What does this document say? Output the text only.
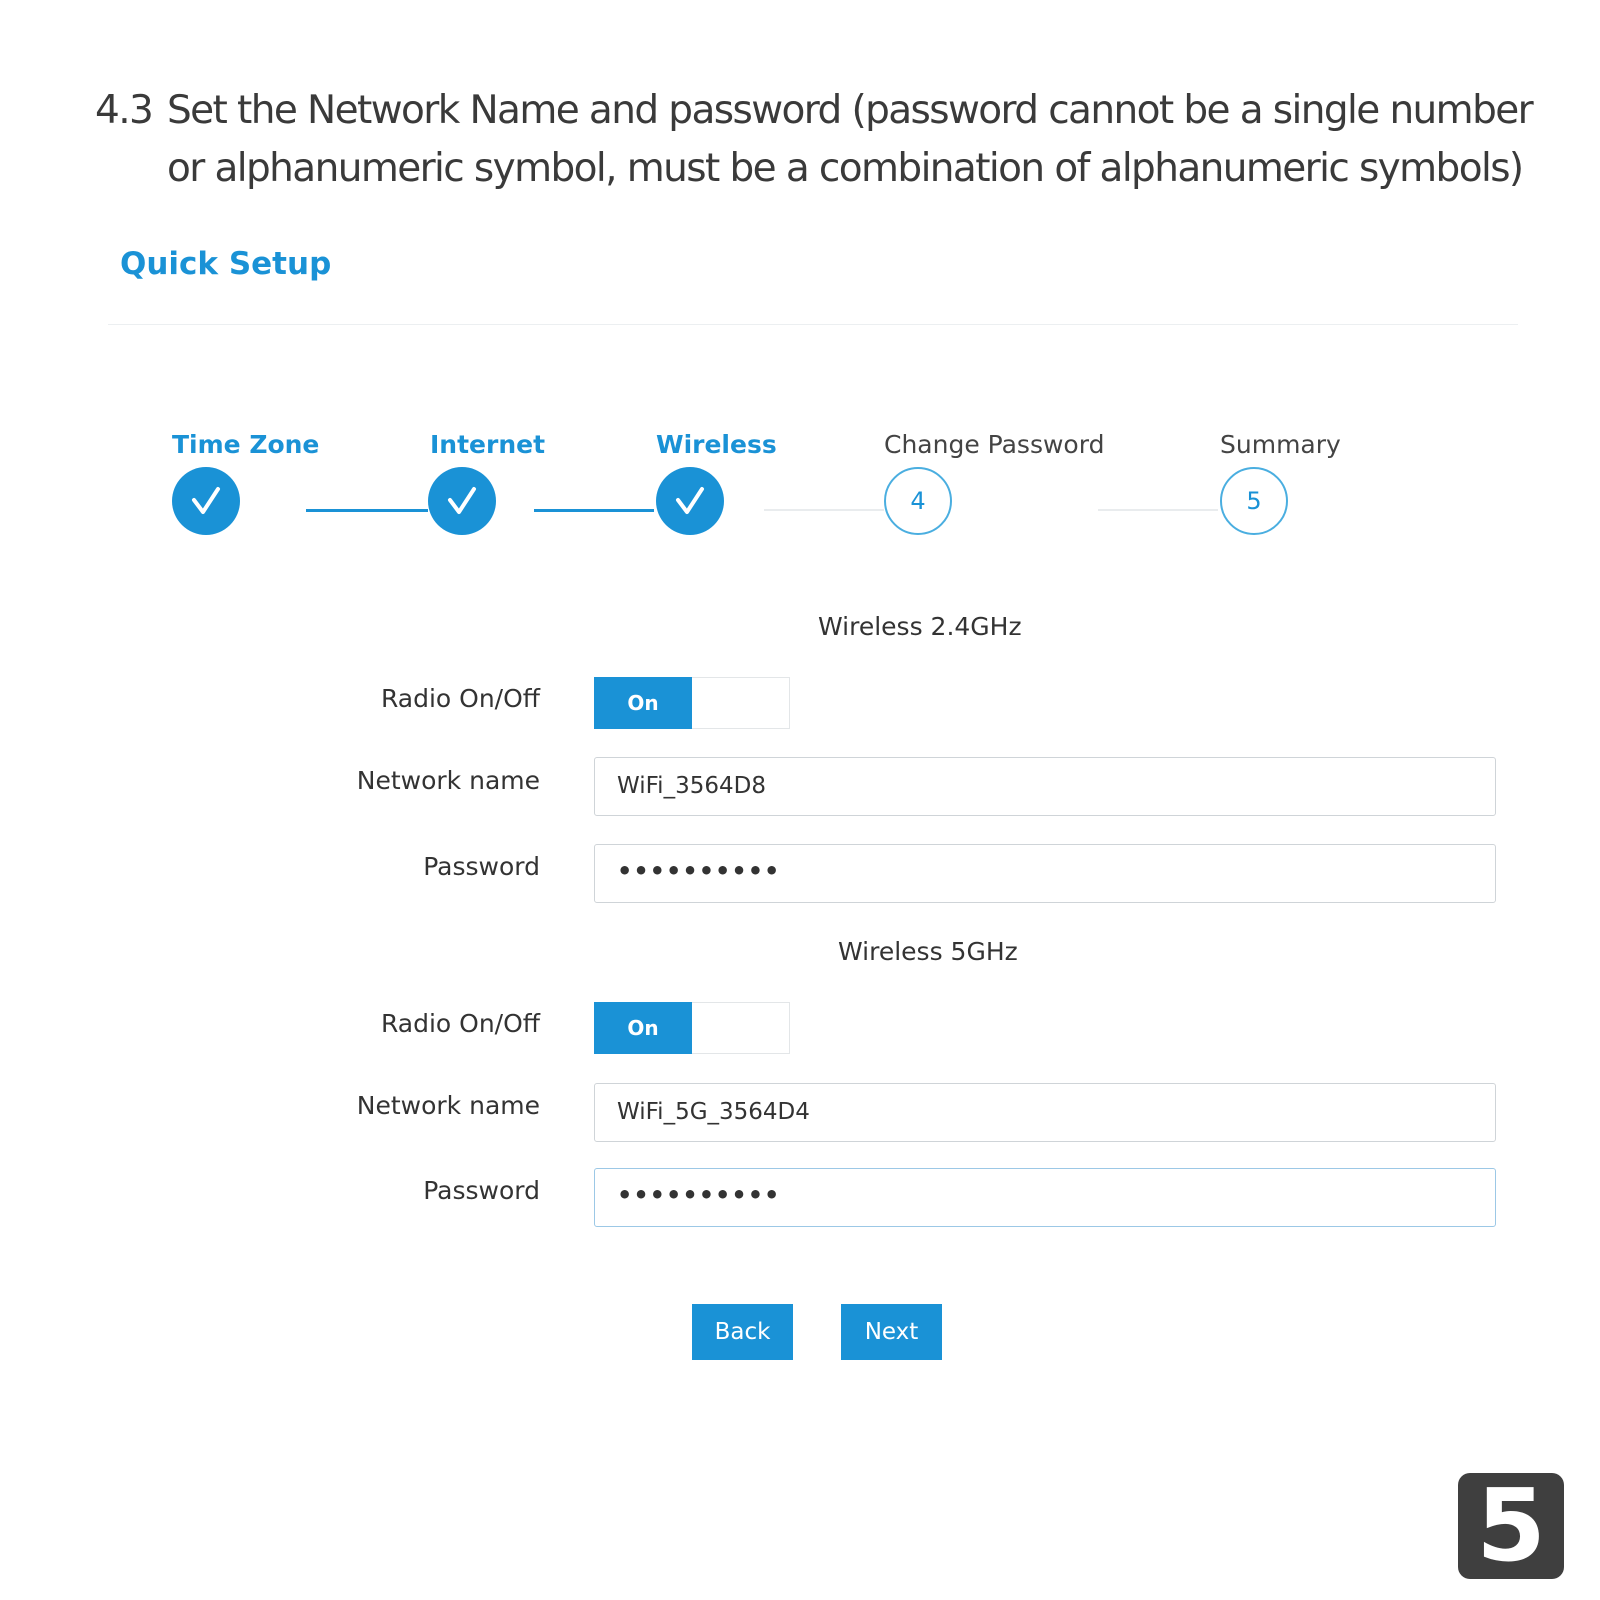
4.3 Set the Network Name and password (password cannot be a single number or alphanumeric symbol, must be a combination of alphanumeric symbols)
Quick Setup
Time Zone	Internet	Wireless	Change Password
4
Summary
5
Wireless 2.4GHz
Radio On/Off	On
Network name	WiFi_3564D8
Password	••••••••••
Wireless 5GHz
Radio On/Off	On
Network name	WiFi_5G_3564D4
Password	••••••••••
Back	Next
5
